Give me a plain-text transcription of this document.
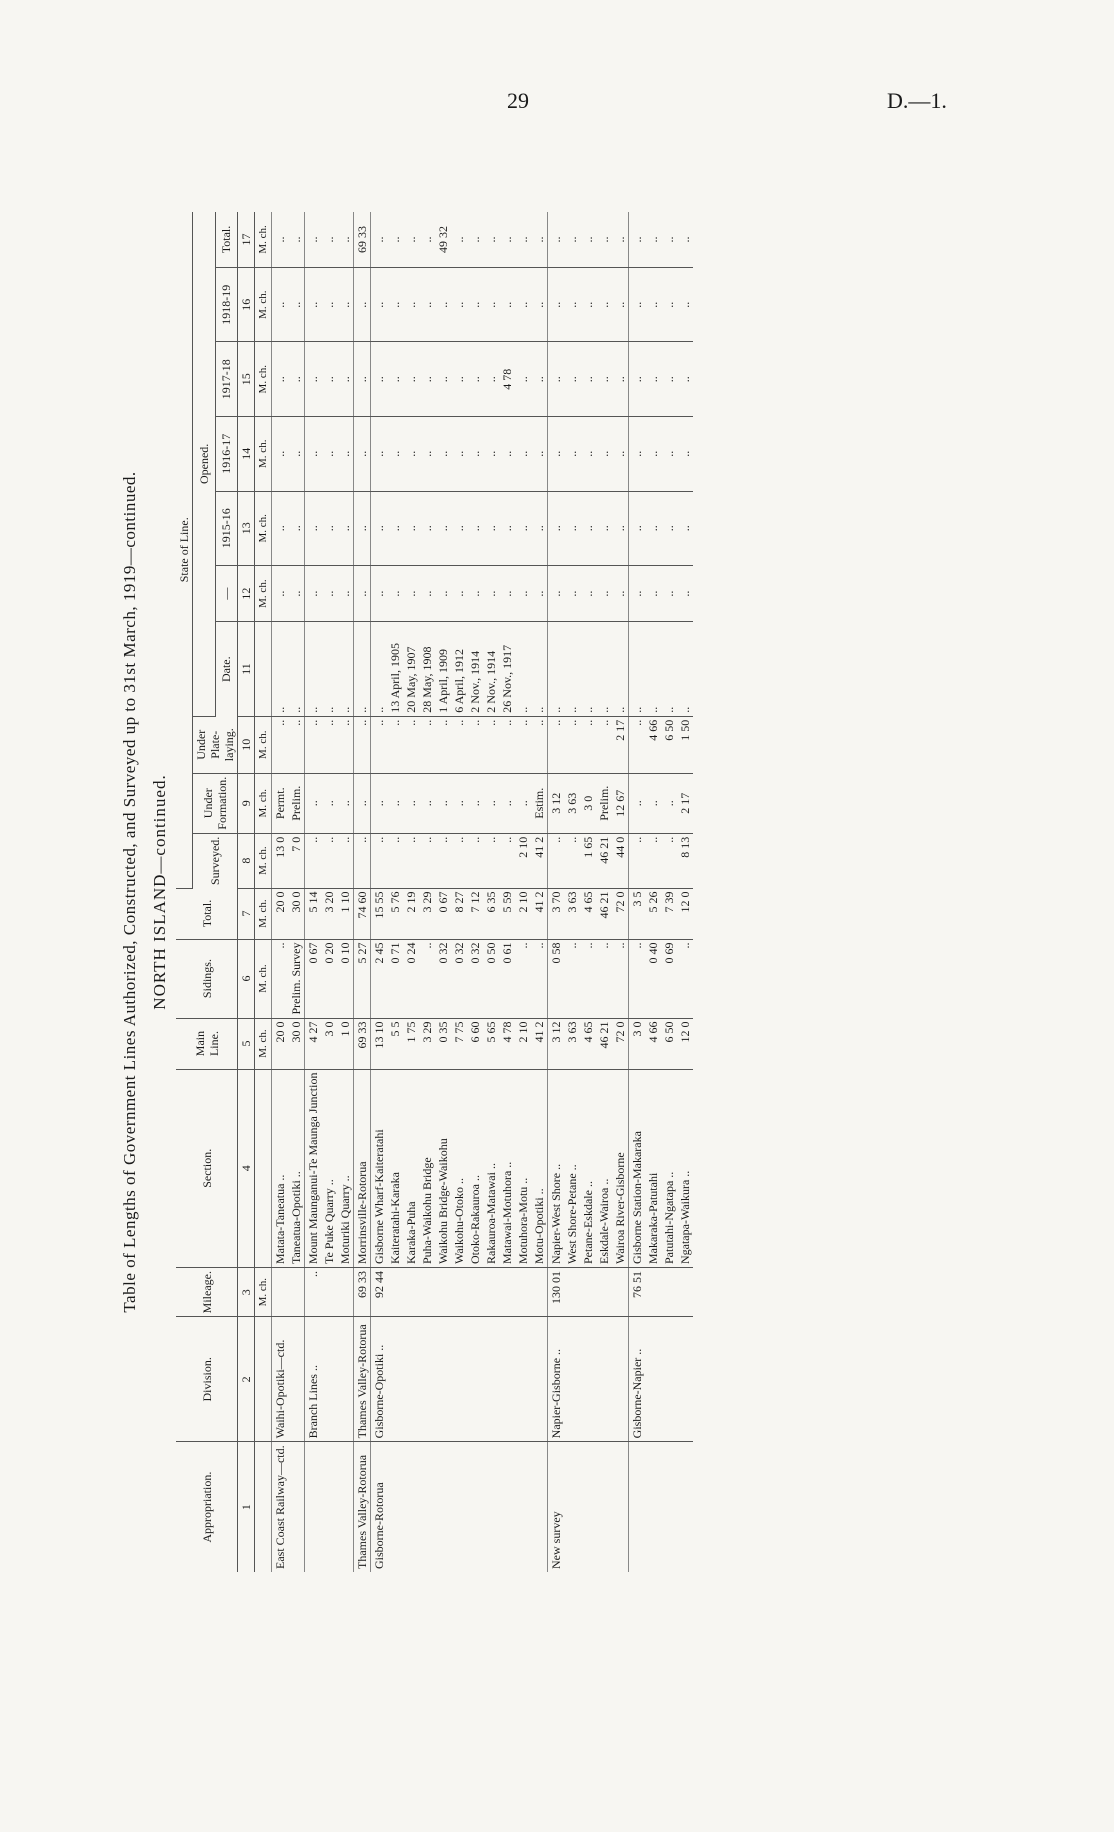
29	D.—1.
Table of Lengths of Government Lines Authorized, Constructed, and Surveyed up to 31st March, 1919—continued. NORTH ISLAND—continued.
Appropriation.	Division.	Mileage.	Section.	Main Line.	Sidings.	Total.	State of Line.									
							Surveyed.	Under Formation.	Under Plate-laying.	Opened.						
										Date.	—	1915-16	1916-17	1917-18	1918-19	Total.
1	2	3	4	5	6	7	8	9	10	11	12	13	14	15	16	17
		M. ch.		M. ch.	M. ch.	M. ch.	M. ch.	M. ch.	M. ch.		M. ch.	M. ch.	M. ch.	M. ch.	M. ch.	M. ch.
East Coast Railway—ctd.	Waihi-Opotiki—ctd.		Matata-Taneatua ..	20 0	..	20 0	13 0	Permt.	..	..	..	..	..	..	..	..
			Taneatua-Opotiki ..	30 0	Prelim. Survey	30 0	7 0	Prelim.	..	..	..	..	..	..	..	..
	Branch Lines ..	..	Mount Maunganui-Te Maunga Junction	4 27	0 67	5 14	..	..	..	..	..	..	..	..	..	..
			Te Puke Quarry ..	3 0	0 20	3 20	..	..	..	..	..	..	..	..	..	..
			Moturiki Quarry ..	1 0	0 10	1 10	..	..	..	..	..	..	..	..	..	..
Thames Valley-Rotorua	Thames Valley-Rotorua	69 33	Morrinsville-Rotorua	69 33	5 27	74 60	..	..	..	..	..	..	..	..	..	69 33
Gisborne-Rotorua	Gisborne-Opotiki ..	92 44	Gisborne Wharf-Kaiteratahi	13 10	2 45	15 55	..	..	..	..	..	..	..	..	..	..
			Kaiteratahi-Karaka	5 5	0 71	5 76	..	..	..	13 April, 1905	..	..	..	..	..	..
			Karaka-Puha	1 75	0 24	2 19	..	..	..	20 May, 1907	..	..	..	..	..	..
			Puha-Waikohu Bridge	3 29	..	3 29	..	..	..	28 May, 1908	..	..	..	..	..	..
			Waikohu Bridge-Waikohu	0 35	0 32	0 67	..	..	..	1 April, 1909	..	..	..	..	..	49 32
			Waikohu-Otoko ..	7 75	0 32	8 27	..	..	..	6 April, 1912	..	..	..	..	..	..
			Otoko-Rakauroa ..	6 60	0 32	7 12	..	..	..	2 Nov., 1914	..	..	..	..	..	..
			Rakauroa-Matawai ..	5 65	0 50	6 35	..	..	..	2 Nov., 1914	..	..	..	..	..	..
			Matawai-Motuhora ..	4 78	0 61	5 59	..	..	..	26 Nov., 1917	..	..	..	4 78	..	..
			Motuhora-Motu ..	2 10	..	2 10	2 10	..	..	..	..	..	..	..	..	..
			Motu-Opotiki ..	41 2	..	41 2	41 2	Estim.	..	..	..	..	..	..	..	..
New survey	Napier-Gisborne ..	130 01	Napier-West Shore ..	3 12	0 58	3 70	..	3 12	..	..	..	..	..	..	..	..
			West Shore-Petane ..	3 63	..	3 63	..	3 63	..	..	..	..	..	..	..	..
			Petane-Eskdale ..	4 65	..	4 65	1 65	3 0	..	..	..	..	..	..	..	..
			Eskdale-Wairoa ..	46 21	..	46 21	46 21	Prelim.	..	..	..	..	..	..	..	..
			Wairoa River-Gisborne	72 0	..	72 0	44 0	12 67	2 17	..	..	..	..	..	..	..
	Gisborne-Napier ..	76 51	Gisborne Station-Makaraka	3 0	..	3 5	..	..	..	..	..	..	..	..	..	..
			Makaraka-Patutahi	4 66	0 40	5 26	..	..	4 66	..	..	..	..	..	..	..
			Patutahi-Ngatapa ..	6 50	0 69	7 39	..	..	6 50	..	..	..	..	..	..	..
			Ngatapa-Waikura ..	12 0	..	12 0	8 13	2 17	1 50	..	..	..	..	..	..	..
